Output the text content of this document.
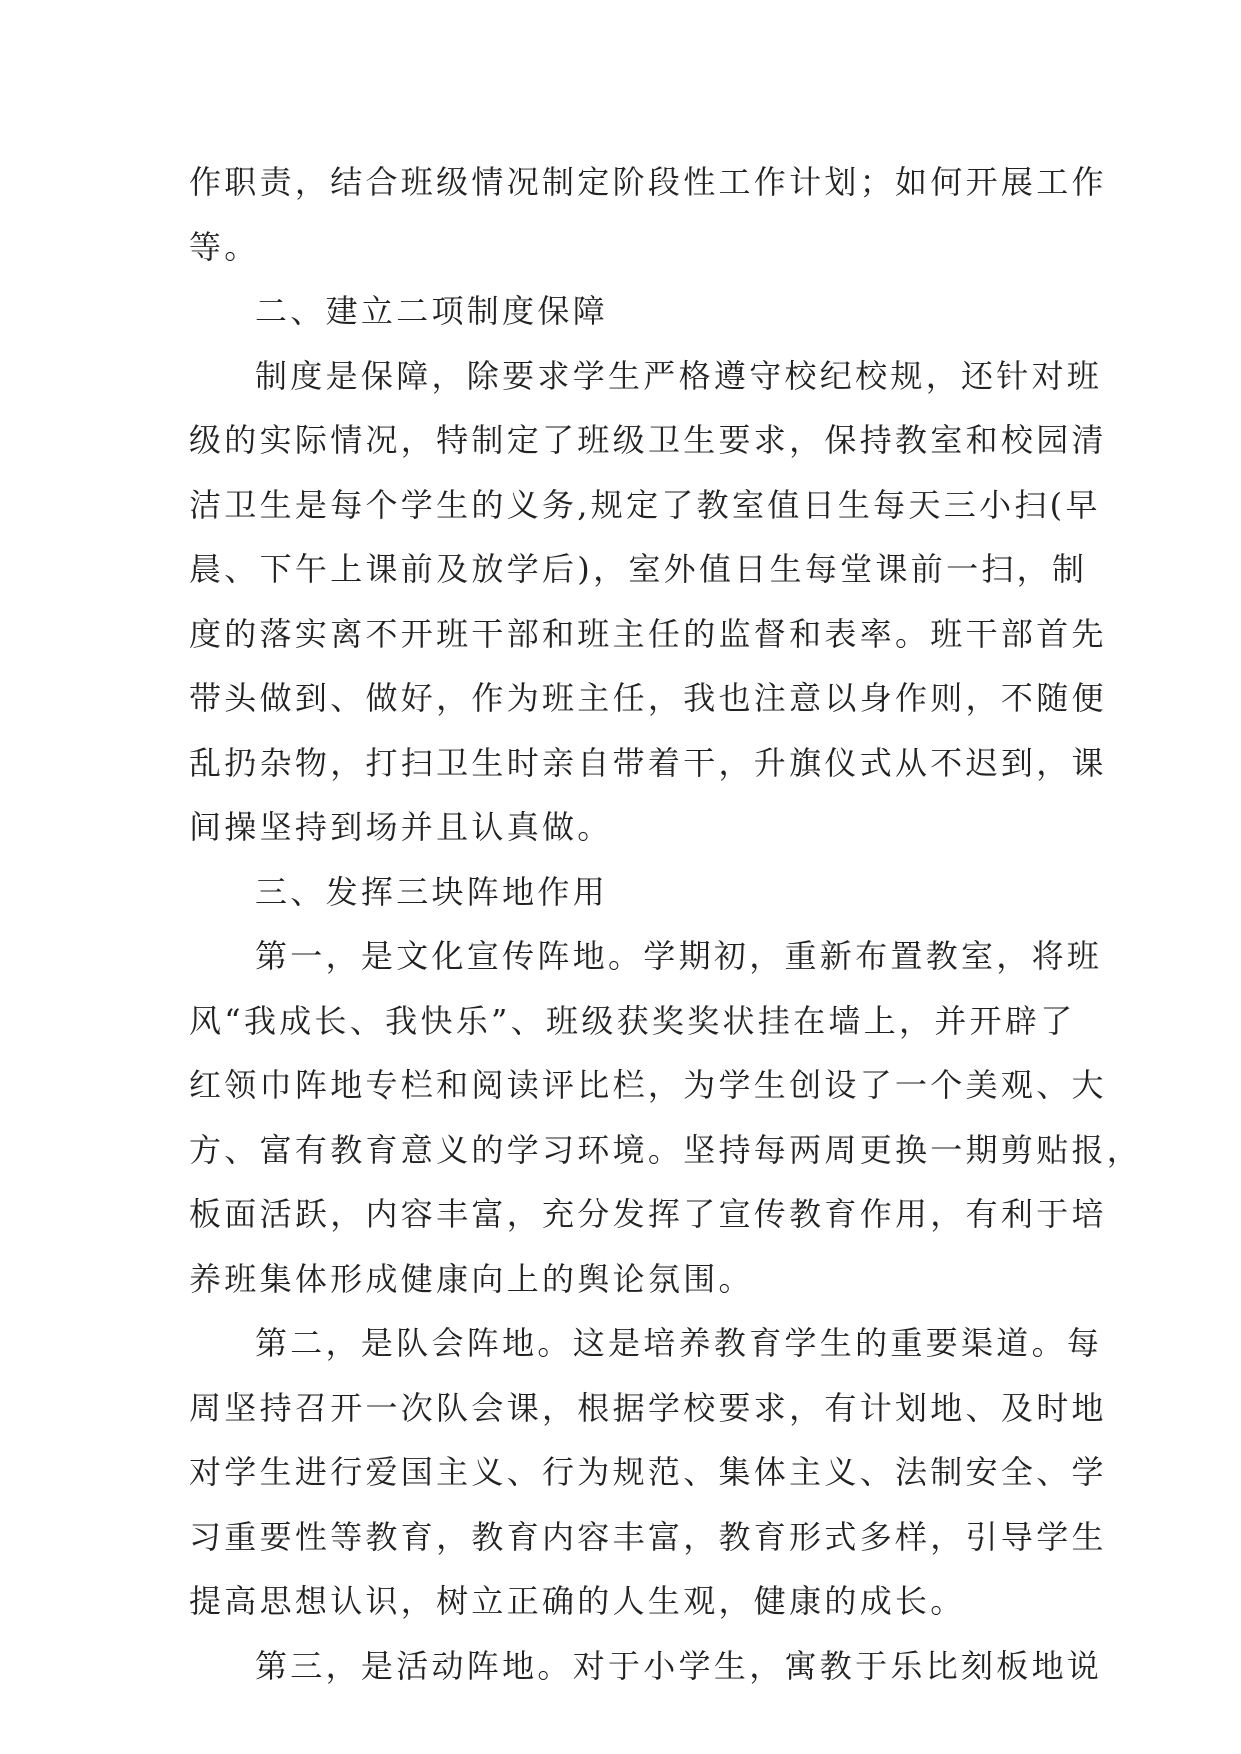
作职责，结合班级情况制定阶段性工作计划；如何开展工作
等。
二、建立二项制度保障
制度是保障，除要求学生严格遵守校纪校规，还针对班
级的实际情况，特制定了班级卫生要求，保持教室和校园清
洁卫生是每个学生的义务,规定了教室值日生每天三小扫(早
晨、下午上课前及放学后)，室外值日生每堂课前一扫，制
度的落实离不开班干部和班主任的监督和表率。班干部首先
带头做到、做好，作为班主任，我也注意以身作则，不随便
乱扔杂物，打扫卫生时亲自带着干，升旗仪式从不迟到，课
间操坚持到场并且认真做。
三、发挥三块阵地作用
第一，是文化宣传阵地。学期初，重新布置教室，将班
风“我成长、我快乐”、班级获奖奖状挂在墙上，并开辟了
红领巾阵地专栏和阅读评比栏，为学生创设了一个美观、大
方、富有教育意义的学习环境。坚持每两周更换一期剪贴报，
板面活跃，内容丰富，充分发挥了宣传教育作用，有利于培
养班集体形成健康向上的舆论氛围。
第二，是队会阵地。这是培养教育学生的重要渠道。每
周坚持召开一次队会课，根据学校要求，有计划地、及时地
对学生进行爱国主义、行为规范、集体主义、法制安全、学
习重要性等教育，教育内容丰富，教育形式多样，引导学生
提高思想认识，树立正确的人生观，健康的成长。
第三，是活动阵地。对于小学生，寓教于乐比刻板地说
